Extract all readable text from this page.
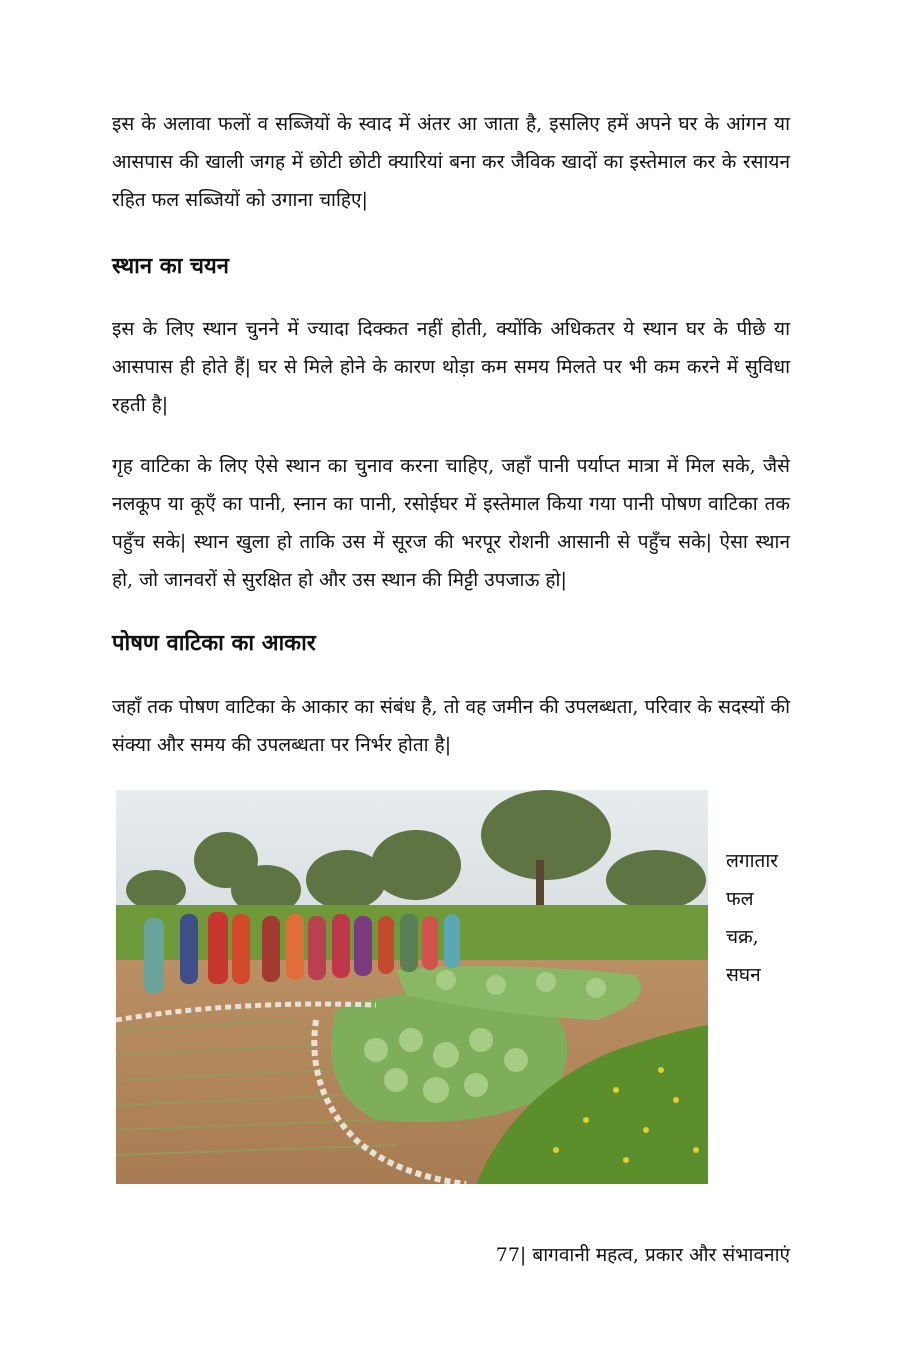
इस के अलावा फलों व सब्जियों के स्वाद में अंतर आ जाता है, इसलिए हमें अपने घर के आंगन या आसपास की खाली जगह में छोटी छोटी क्यारियां बना कर जैविक खादों का इस्तेमाल कर के रसायन रहित फल सब्जियों को उगाना चाहिए|

स्थान का चयन

इस के लिए स्थान चुनने में ज्यादा दिक्कत नहीं होती, क्योंकि अधिकतर ये स्थान घर के पीछे या आसपास ही होते हैं| घर से मिले होने के कारण थोड़ा कम समय मिलते पर भी कम करने में सुविधा रहती है|

गृह वाटिका के लिए ऐसे स्थान का चुनाव करना चाहिए, जहाँ पानी पर्याप्त मात्रा में मिल सके, जैसे नलकूप या कूएँ का पानी, स्नान का पानी, रसोईघर में इस्तेमाल किया गया पानी पोषण वाटिका तक पहुँच सके| स्थान खुला हो ताकि उस में सूरज की भरपूर रोशनी आसानी से पहुँच सके| ऐसा स्थान हो, जो जानवरों से सुरक्षित हो और उस स्थान की मिट्टी उपजाऊ हो|

पोषण वाटिका का आकार

जहाँ तक पोषण वाटिका के आकार का संबंध है, तो वह जमीन की उपलब्धता, परिवार के सदस्यों की संक्या और समय की उपलब्धता पर निर्भर होता है|

लगातार
फल
चक्र,
सघन
77| बागवानी महत्व, प्रकार और संभावनाएं
